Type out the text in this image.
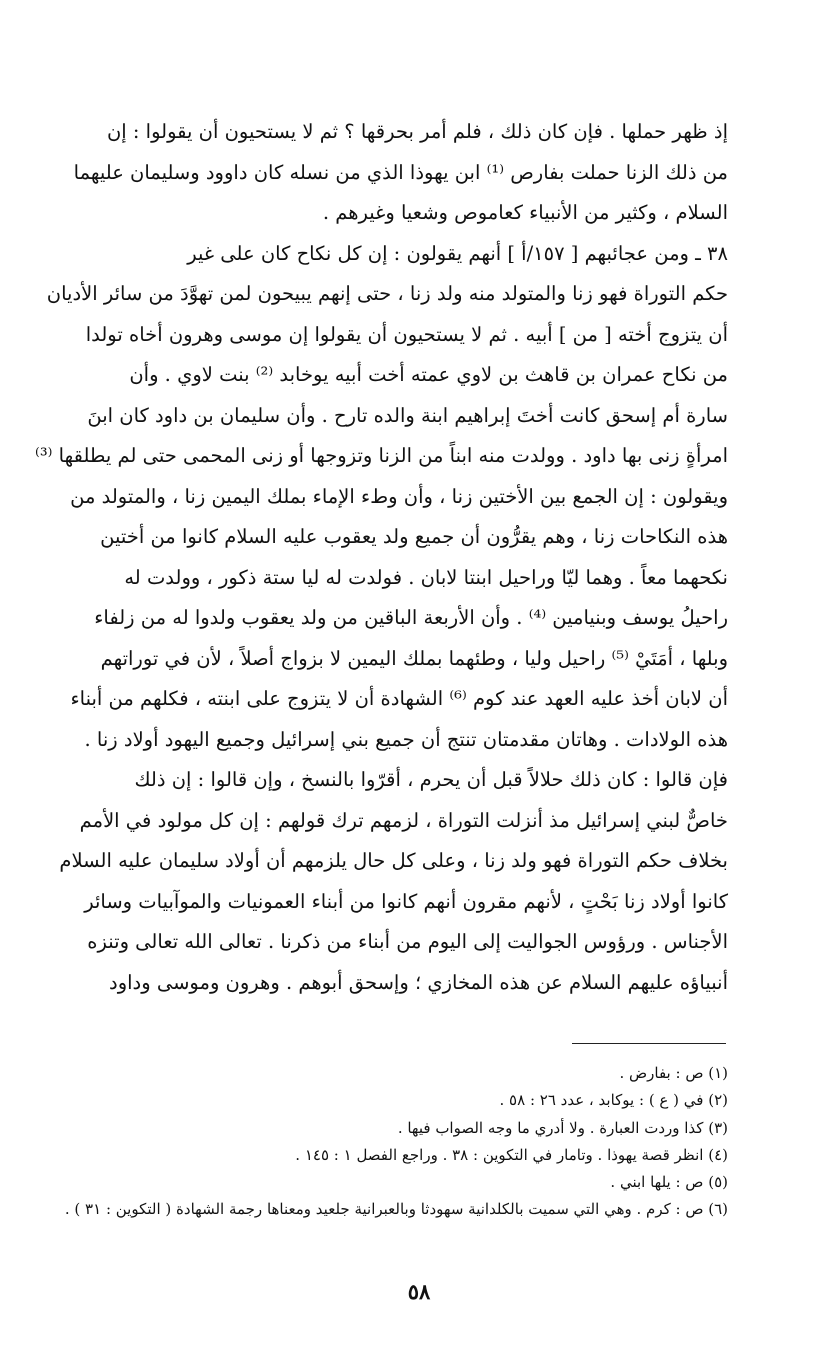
إذ ظهر حملها . فإن كان ذلك ، فلم أمر بحرقها ؟ ثم لا يستحيون أن يقولوا : إن
من ذلك الزنا حملت بفارص ⁽¹⁾ ابن يهوذا الذي من نسله كان داوود وسليمان عليهما
السلام ، وكثير من الأنبياء كعاموص وشعيا وغيرهم .
٣٨ ـ ومن عجائبهم [ ١٥٧/أ ] أنهم يقولون : إن كل نكاح كان على غير
حكم التوراة فهو زنا والمتولد منه ولد زنا ، حتى إنهم يبيحون لمن تهوَّدَ من سائر الأديان
أن يتزوج أخته [ من ] أبيه . ثم لا يستحيون أن يقولوا إن موسى وهرون أخاه تولدا
من نكاح عمران بن قاهث بن لاوي عمته أخت أبيه يوخابد ⁽²⁾ بنت لاوي . وأن
سارة أم إسحق كانت أختَ إبراهيم ابنة والده تارح . وأن سليمان بن داود كان ابنَ
امرأةٍ زنى بها داود . وولدت منه ابناً من الزنا وتزوجها أو زنى المحمى حتى لم يطلقها ⁽³⁾
ويقولون : إن الجمع بين الأختين زنا ، وأن وطء الإماء بملك اليمين زنا ، والمتولد من
هذه النكاحات زنا ، وهم يقرُّون أن جميع ولد يعقوب عليه السلام كانوا من أختين
نكحهما معاً . وهما ليّا وراحيل ابنتا لابان . فولدت له ليا ستة ذكور ، وولدت له
راحيلُ يوسف وبنيامين ⁽⁴⁾ . وأن الأربعة الباقين من ولد يعقوب ولدوا له من زلفاء
وبلها ، أمَتَيْ ⁽⁵⁾ راحيل وليا ، وطئهما بملك اليمين لا بزواج أصلاً ، لأن في توراتهم
أن لابان أخذ عليه العهد عند كوم ⁽⁶⁾ الشهادة أن لا يتزوج على ابنته ، فكلهم من أبناء
هذه الولادات . وهاتان مقدمتان تنتج أن جميع بني إسرائيل وجميع اليهود أولاد زنا .
فإن قالوا : كان ذلك حلالاً قبل أن يحرم ، أقرّوا بالنسخ ، وإن قالوا : إن ذلك
خاصٌّ لبني إسرائيل مذ أنزلت التوراة ، لزمهم ترك قولهم : إن كل مولود في الأمم
بخلاف حكم التوراة فهو ولد زنا ، وعلى كل حال يلزمهم أن أولاد سليمان عليه السلام
كانوا أولاد زنا بَحْتٍ ، لأنهم مقرون أنهم كانوا من أبناء العمونيات والموآبيات وسائر
الأجناس . ورؤوس الجواليت إلى اليوم من أبناء من ذكرنا . تعالى الله تعالى وتنزه
أنبياؤه عليهم السلام عن هذه المخازي ؛ وإسحق أبوهم . وهرون وموسى وداود
(١) ص : بفارض .
(٢) في ( ع ) : يوكابد ، عدد ٢٦ : ٥٨ .
(٣) كذا وردت العبارة . ولا أدري ما وجه الصواب فيها .
(٤) انظر قصة يهوذا . وتامار في التكوين : ٣٨ . وراجع الفصل ١ : ١٤٥ .
(٥) ص : يلها ابني .
(٦) ص : كرم . وهي التي سميت بالكلدانية سهودثا وبالعبرانية جلعيد ومعناها رجمة الشهادة ( التكوين : ٣١ ) .
٥٨
